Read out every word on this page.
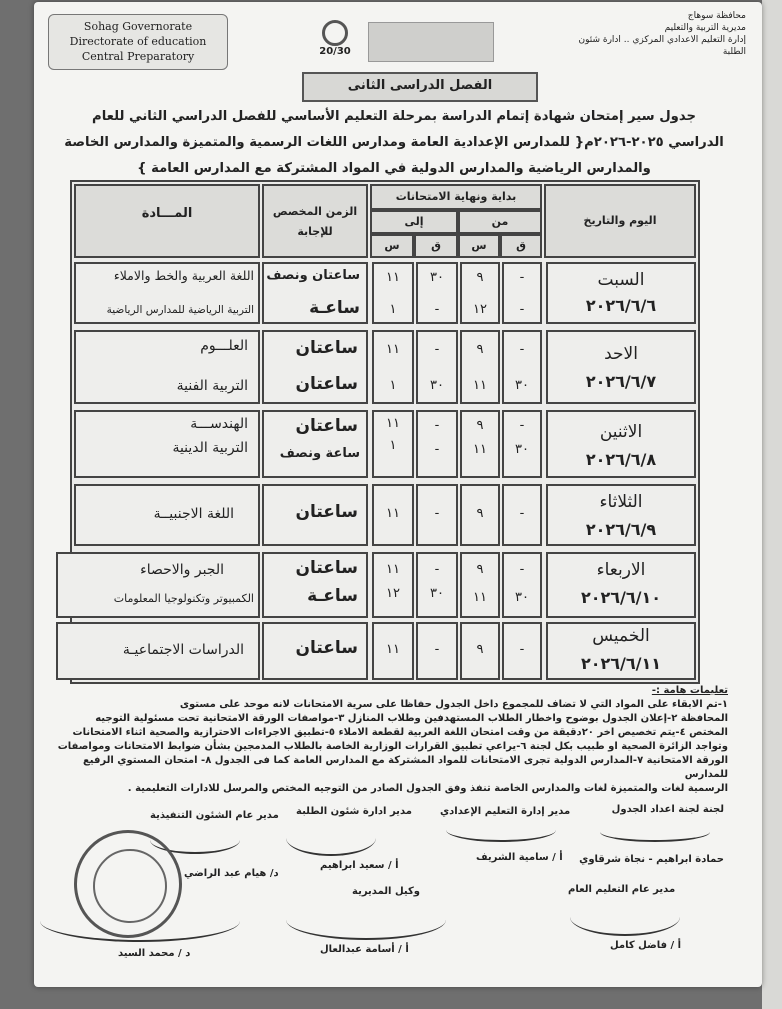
Sohag Governorate
Directorate of education
Central Preparatory	20/30
محافظة سوهاج
مديرية التربية والتعليم
إدارة التعليم الاعدادي المركزي .. ادارة شئون الطلبة
الفصل الدراسى الثانى
جدول سير إمتحان شهادة إتمام الدراسة بمرحلة التعليم الأساسي للفصل الدراسي الثاني للعام
الدراسي ٢٠٢٥-٢٠٢٦م{ للمدارس الإعدادية العامة ومدارس اللغات الرسمية والمتميزة والمدارس الخاصة
والمدارس الرياضية والمدارس الدولية في المواد المشتركة مع المدارس العامة }
اليوم والتاريخ
بداية ونهاية الامتحانات
من
إلى
ق
س
ق
س
الزمن المخصص للإجابة
المـــادة
السبت
٢٠٢٦/٦/٦
-
-
٩
١٢
٣٠
-
١١
١
ساعتان ونصف
ساعـة
اللغة العربية والخط والاملاء
التربية الرياضية للمدارس الرياضية
الاحد
٢٠٢٦/٦/٧
-
٣٠
٩
١١
-
٣٠
١١
١
ساعتان
ساعتان
العلـــوم
التربية الفنية
الاثنين
٢٠٢٦/٦/٨
-
٣٠
٩
١١
-
-
١١
١
ساعتان
ساعة ونصف
الهندســـة
التربية الدينية
الثلاثاء
٢٠٢٦/٦/٩
-
٩
-
١١
ساعتان
اللغة الاجنبيــة
الاربعاء
٢٠٢٦/٦/١٠
-
٣٠
٩
١١
-
٣٠
١١
١٢
ساعتان
ساعـة
الجبر والاحصاء
الكمبيوتر وتكنولوجيا المعلومات
الخميس
٢٠٢٦/٦/١١
-
٩
-
١١
ساعتان
الدراسات الاجتماعيـة
تعليمات هامة :-
١-تم الابقاء على المواد التي لا تضاف للمجموع داخل الجدول حفاظا على سرية الامتحانات لانه موحد على مستوى
المحافظة ٢-إعلان الجدول بوضوح واخطار الطلاب المستهدفين وطلاب المنازل ٣-مواصفات الورقة الامتحانية تحت مسئولية التوجيه
المختص ٤-يتم تخصيص اخر ٢٠دقيقة من وقت امتحان اللغة العربية لقطعة الاملاء ٥-تطبيق الاجراءات الاحترازية والصحية اثناء الامتحانات
وتواجد الزائرة الصحية او طبيب بكل لجنة ٦-يراعي تطبيق القرارات الوزارية الخاصة بالطلاب المدمجين بشأن ضوابط الامتحانات ومواصفات
الورقة الامتحانية ٧-المدارس الدولية تجرى الامتحانات للمواد المشتركة مع المدارس العامة كما فى الجدول ٨- امتحان المستوي الرفيع للمدارس
الرسمية لغات والمتميزة لغات والمدارس الخاصة تنفذ وفق الجدول الصادر من التوجيه المختص والمرسل للادارات التعليمية .
لجنة لجنة اعداد الجدول
حمادة ابراهيم - نجاة شرقاوي
مدير إدارة التعليم الإعدادي
أ / سامية الشريف
مدير ادارة شئون الطلبة
أ / سعيد ابراهيم
مدير عام الشئون التنفيذية
د/ هيام عبد الراضي
مدير عام التعليم العام
أ / فاضل كامل
وكيل المديرية
أ / أسامة عبدالعال
د / محمد السيد
